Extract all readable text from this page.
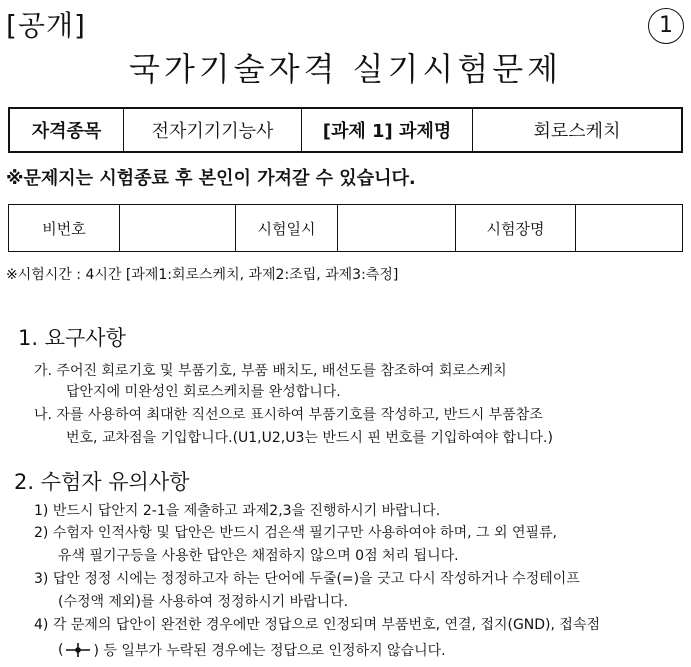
[공개]	1
국가기술자격 실기시험문제
자격종목	전자기기기능사	[과제 1] 과제명	회로스케치
※문제지는 시험종료 후 본인이 가져갈 수 있습니다.
비번호		시험일시		시험장명	
※시험시간 : 4시간 [과제1:회로스케치, 과제2:조립, 과제3:측정]
1. 요구사항
가. 주어진 회로기호 및 부품기호, 부품 배치도, 배선도를 참조하여 회로스케치
답안지에 미완성인 회로스케치를 완성합니다.
나. 자를 사용하여 최대한 직선으로 표시하여 부품기호를 작성하고, 반드시 부품참조
번호, 교차점을 기입합니다.(U1,U2,U3는 반드시 핀 번호를 기입하여야 합니다.)
2. 수험자 유의사항
1) 반드시 답안지 2-1을 제출하고 과제2,3을 진행하시기 바랍니다.
2) 수험자 인적사항 및 답안은 반드시 검은색 필기구만 사용하여야 하며, 그 외 연필류,
유색 필기구등을 사용한 답안은 채점하지 않으며 0점 처리 됩니다.
3) 답안 정정 시에는 정정하고자 하는 단어에 두줄(=)을 긋고 다시 작성하거나 수정테이프
(수정액 제외)를 사용하여 정정하시기 바랍니다.
4) 각 문제의 답안이 완전한 경우에만 정답으로 인정되며 부품번호, 연결, 접지(GND), 접속점
( ) 등 일부가 누락된 경우에는 정답으로 인정하지 않습니다.
